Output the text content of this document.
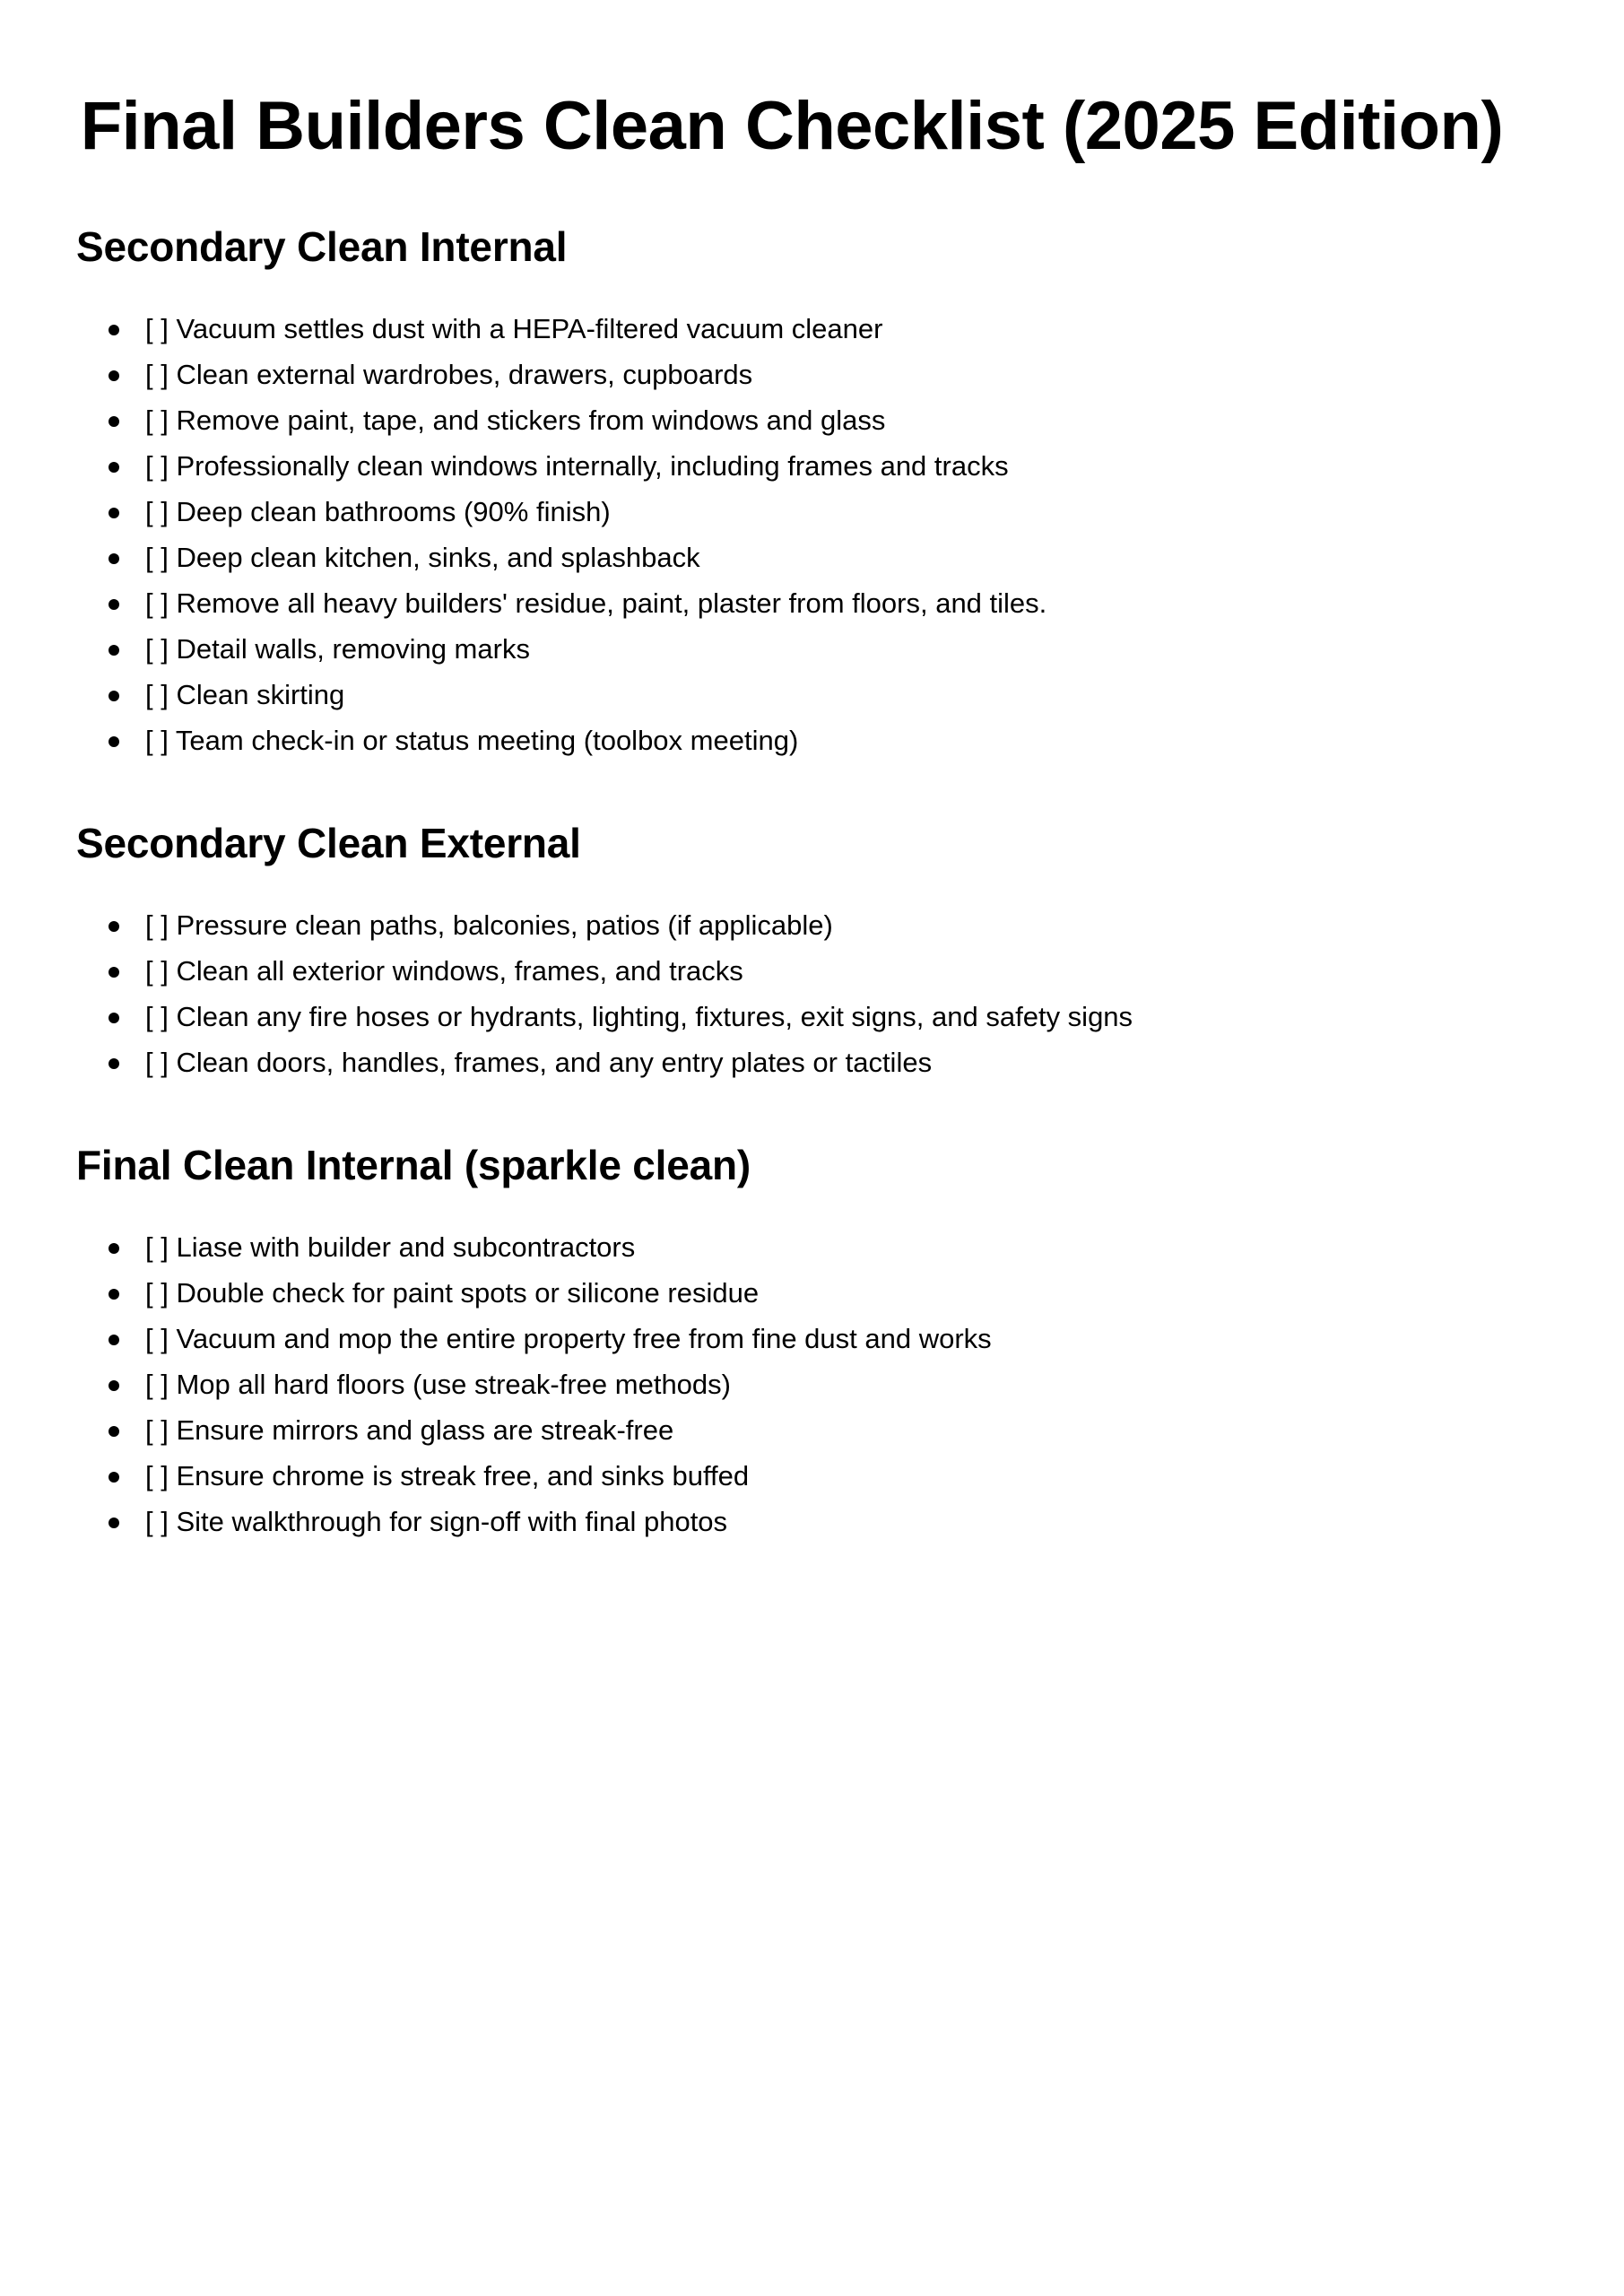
Final Builders Clean Checklist (2025 Edition)
Secondary Clean Internal
[ ] Vacuum settles dust with a HEPA-filtered vacuum cleaner
[ ] Clean external wardrobes, drawers, cupboards
[ ] Remove paint, tape, and stickers from windows and glass
[ ] Professionally clean windows internally, including frames and tracks
[ ] Deep clean bathrooms (90% finish)
[ ] Deep clean kitchen, sinks, and splashback
[ ] Remove all heavy builders' residue, paint, plaster from floors, and tiles.
[ ] Detail walls, removing marks
[ ] Clean skirting
[ ] Team check-in or status meeting (toolbox meeting)
Secondary Clean External
[ ] Pressure clean paths, balconies, patios (if applicable)
[ ] Clean all exterior windows, frames, and tracks
[ ] Clean any fire hoses or hydrants, lighting, fixtures, exit signs, and safety signs
[ ] Clean doors, handles, frames, and any entry plates or tactiles
Final Clean Internal (sparkle clean)
[ ] Liase with builder and subcontractors
[ ] Double check for paint spots or silicone residue
[ ] Vacuum and mop the entire property free from fine dust and works
[ ] Mop all hard floors (use streak-free methods)
[ ] Ensure mirrors and glass are streak-free
[ ] Ensure chrome is streak free, and sinks buffed
[ ] Site walkthrough for sign-off with final photos
